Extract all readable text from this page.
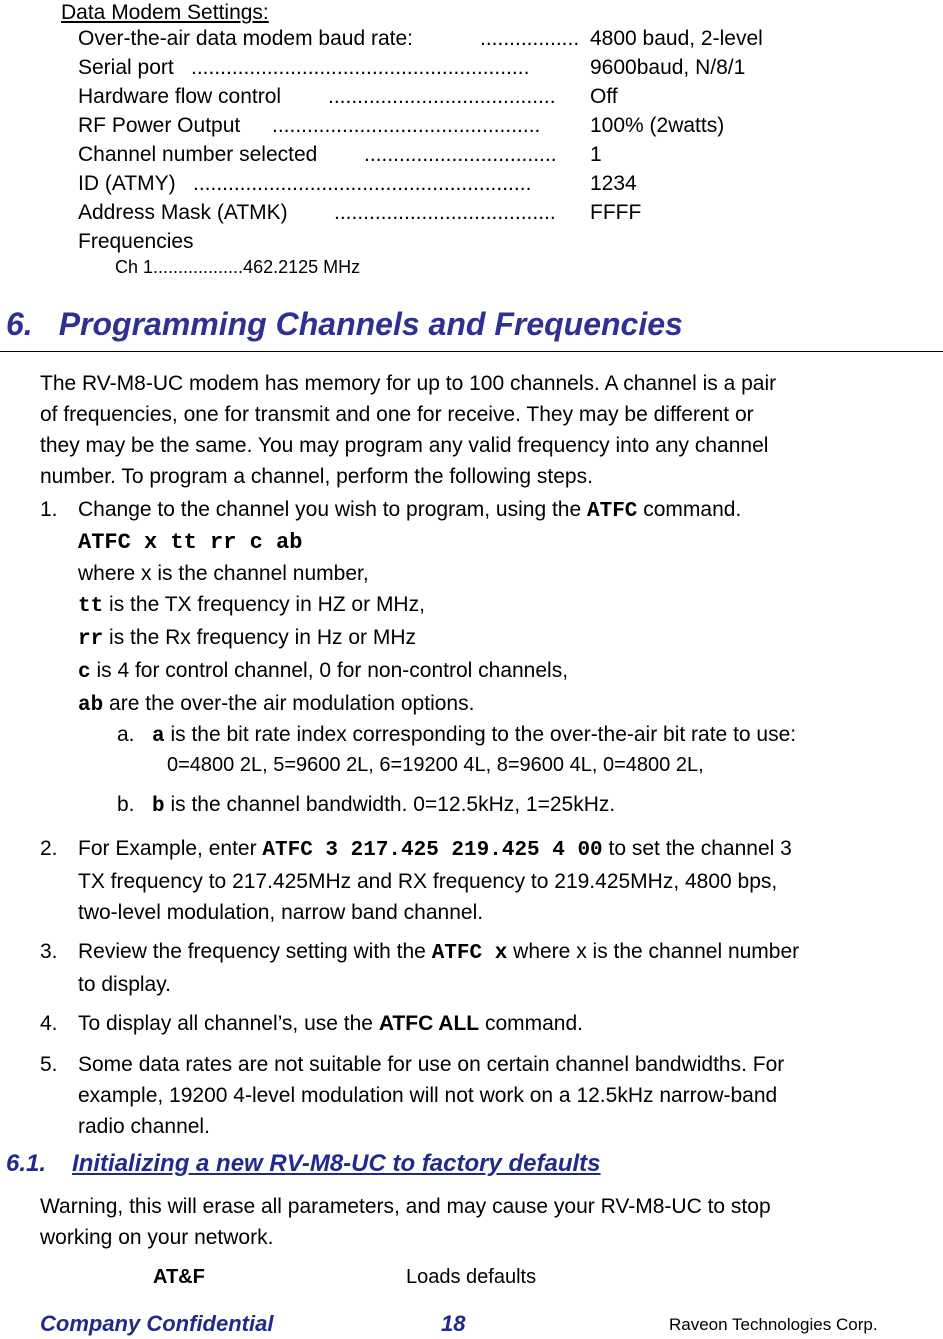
Data Modem Settings:
Over-the-air data modem baud rate:	................. 4800 baud, 2-level
Serial port ..........................................................	9600baud, N/8/1
Hardware flow control .......................................	Off
RF Power Output ..............................................	100% (2watts)
Channel number selected .................................	1
ID (ATMY) ..........................................................	1234
Address Mask (ATMK) ......................................	FFFF
Frequencies
Ch 1..................462.2125 MHz
6. Programming Channels and Frequencies
The RV-M8-UC modem has memory for up to 100 channels. A channel is a pair
of frequencies, one for transmit and one for receive. They may be different or
they may be the same. You may program any valid frequency into any channel
number. To program a channel, perform the following steps.
1. Change to the channel you wish to program, using the ATFC command.
ATFC x tt rr c ab
where x is the channel number,
tt is the TX frequency in HZ or MHz,
rr is the Rx frequency in Hz or MHz
c is 4 for control channel, 0 for non-control channels,
ab are the over-the air modulation options.
a. a is the bit rate index corresponding to the over-the-air bit rate to use:
0=4800 2L, 5=9600 2L, 6=19200 4L, 8=9600 4L, 0=4800 2L,
b. b is the channel bandwidth. 0=12.5kHz, 1=25kHz.
2. For Example, enter ATFC 3 217.425 219.425 4 00 to set the channel 3
TX frequency to 217.425MHz and RX frequency to 219.425MHz, 4800 bps,
two-level modulation, narrow band channel.
3. Review the frequency setting with the ATFC x where x is the channel number
to display.
4. To display all channel’s, use the ATFC ALL command.
5. Some data rates are not suitable for use on certain channel bandwidths. For
example, 19200 4-level modulation will not work on a 12.5kHz narrow-band
radio channel.
6.1. Initializing a new RV-M8-UC to factory defaults
Warning, this will erase all parameters, and may cause your RV-M8-UC to stop
working on your network.
AT&F	Loads defaults
Company Confidential	18	Raveon Technologies Corp.
